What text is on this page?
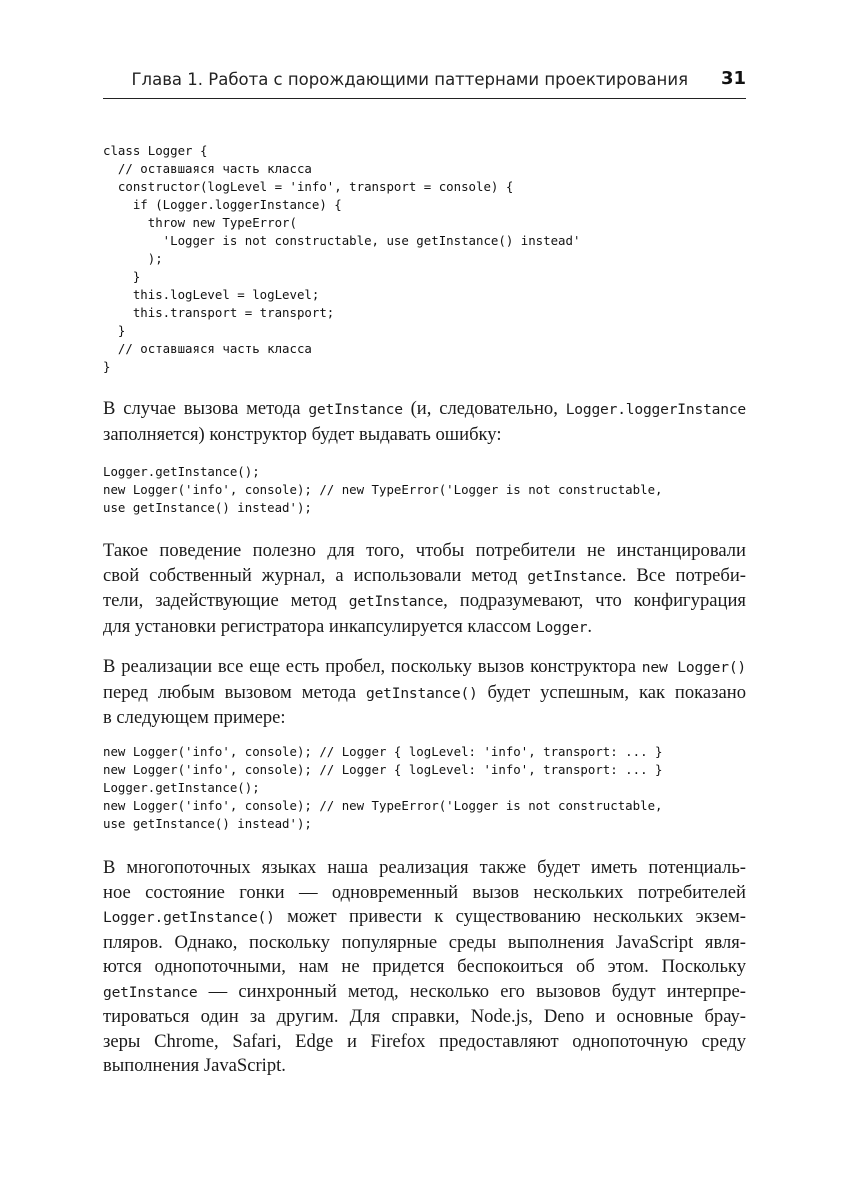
Глава 1. Работа с порождающими паттернами проектирования 31
class Logger {
// оставшаяся часть класса
constructor(logLevel = 'info', transport = console) {
if (Logger.loggerInstance) {
throw new TypeError(
'Logger is not constructable, use getInstance() instead'
);
}
this.logLevel = logLevel;
this.transport = transport;
}
// оставшаяся часть класса
}

В случае вызова метода getInstance (и, следовательно, Logger.loggerInstance
заполняется) конструктор будет выдавать ошибку:

Logger.getInstance();
new Logger('info', console); // new TypeError('Logger is not constructable,
use getInstance() instead');

Такое поведение полезно для того, чтобы потребители не инстанцировали
свой собственный журнал, а использовали метод getInstance. Все потреби-
тели, задействующие метод getInstance, подразумевают, что конфигурация
для установки регистратора инкапсулируется классом Logger.

В реализации все еще есть пробел, поскольку вызов конструктора new Logger()
перед любым вызовом метода getInstance() будет успешным, как показано
в следующем примере:

new Logger('info', console); // Logger { logLevel: 'info', transport: ... }
new Logger('info', console); // Logger { logLevel: 'info', transport: ... }
Logger.getInstance();
new Logger('info', console); // new TypeError('Logger is not constructable,
use getInstance() instead');

В многопоточных языках наша реализация также будет иметь потенциаль-
ное состояние гонки — одновременный вызов нескольких потребителей
Logger.getInstance() может привести к существованию нескольких экзем-
пляров. Однако, поскольку популярные среды выполнения JavaScript явля-
ются однопоточными, нам не придется беспокоиться об этом. Поскольку
getInstance — синхронный метод, несколько его вызовов будут интерпре-
тироваться один за другим. Для справки, Node.js, Deno и основные брау-
зеры Chrome, Safari, Edge и Firefox предоставляют однопоточную среду
выполнения JavaScript.
